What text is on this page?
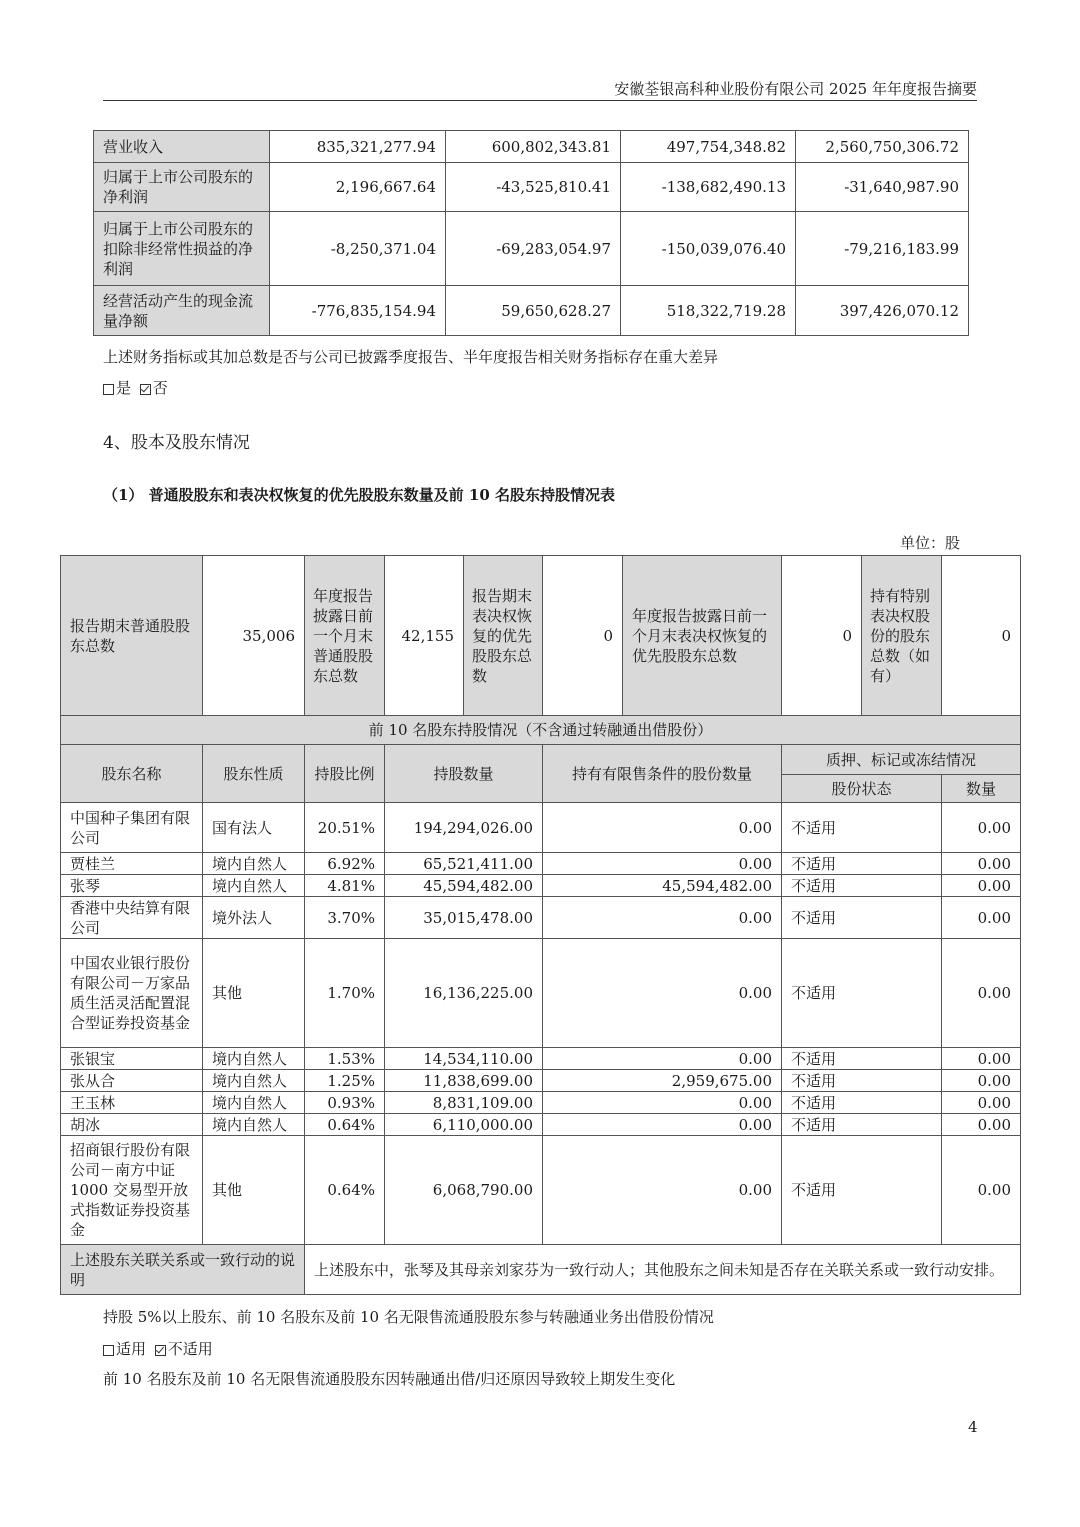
安徽荃银高科种业股份有限公司 2025 年年度报告摘要
营业收入	835,321,277.94	600,802,343.81	497,754,348.82	2,560,750,306.72
归属于上市公司股东的净利润	2,196,667.64	-43,525,810.41	-138,682,490.13	-31,640,987.90
归属于上市公司股东的扣除非经常性损益的净利润	-8,250,371.04	-69,283,054.97	-150,039,076.40	-79,216,183.99
经营活动产生的现金流量净额	-776,835,154.94	59,650,628.27	518,322,719.28	397,426,070.12
上述财务指标或其加总数是否与公司已披露季度报告、半年度报告相关财务指标存在重大差异
是 否
4、股本及股东情况
（1） 普通股股东和表决权恢复的优先股股东数量及前 10 名股东持股情况表
单位：股
报告期末普通股股东总数	35,006	年度报告披露日前一个月末普通股股东总数	42,155	报告期末表决权恢复的优先股股东总数	0	年度报告披露日前一个月末表决权恢复的优先股股东总数	0	持有特别表决权股份的股东总数（如有）	0
前 10 名股东持股情况（不含通过转融通出借股份）									
股东名称	股东性质	持股比例	持股数量		持有有限售条件的股份数量		质押、标记或冻结情况		
							股份状态		数量
中国种子集团有限公司	国有法人	20.51%	194,294,026.00		0.00		不适用		0.00
贾桂兰	境内自然人	6.92%	65,521,411.00		0.00		不适用		0.00
张琴	境内自然人	4.81%	45,594,482.00		45,594,482.00		不适用		0.00
香港中央结算有限公司	境外法人	3.70%	35,015,478.00		0.00		不适用		0.00
中国农业银行股份有限公司－万家品质生活灵活配置混合型证券投资基金	其他	1.70%	16,136,225.00		0.00		不适用		0.00
张银宝	境内自然人	1.53%	14,534,110.00		0.00		不适用		0.00
张从合	境内自然人	1.25%	11,838,699.00		2,959,675.00		不适用		0.00
王玉林	境内自然人	0.93%	8,831,109.00		0.00		不适用		0.00
胡冰	境内自然人	0.64%	6,110,000.00		0.00		不适用		0.00
招商银行股份有限公司－南方中证 1000 交易型开放式指数证券投资基金	其他	0.64%	6,068,790.00		0.00		不适用		0.00
上述股东关联关系或一致行动的说明		上述股东中，张琴及其母亲刘家芬为一致行动人；其他股东之间未知是否存在关联关系或一致行动安排。							
持股 5%以上股东、前 10 名股东及前 10 名无限售流通股股东参与转融通业务出借股份情况
适用 不适用
前 10 名股东及前 10 名无限售流通股股东因转融通出借/归还原因导致较上期发生变化
4
